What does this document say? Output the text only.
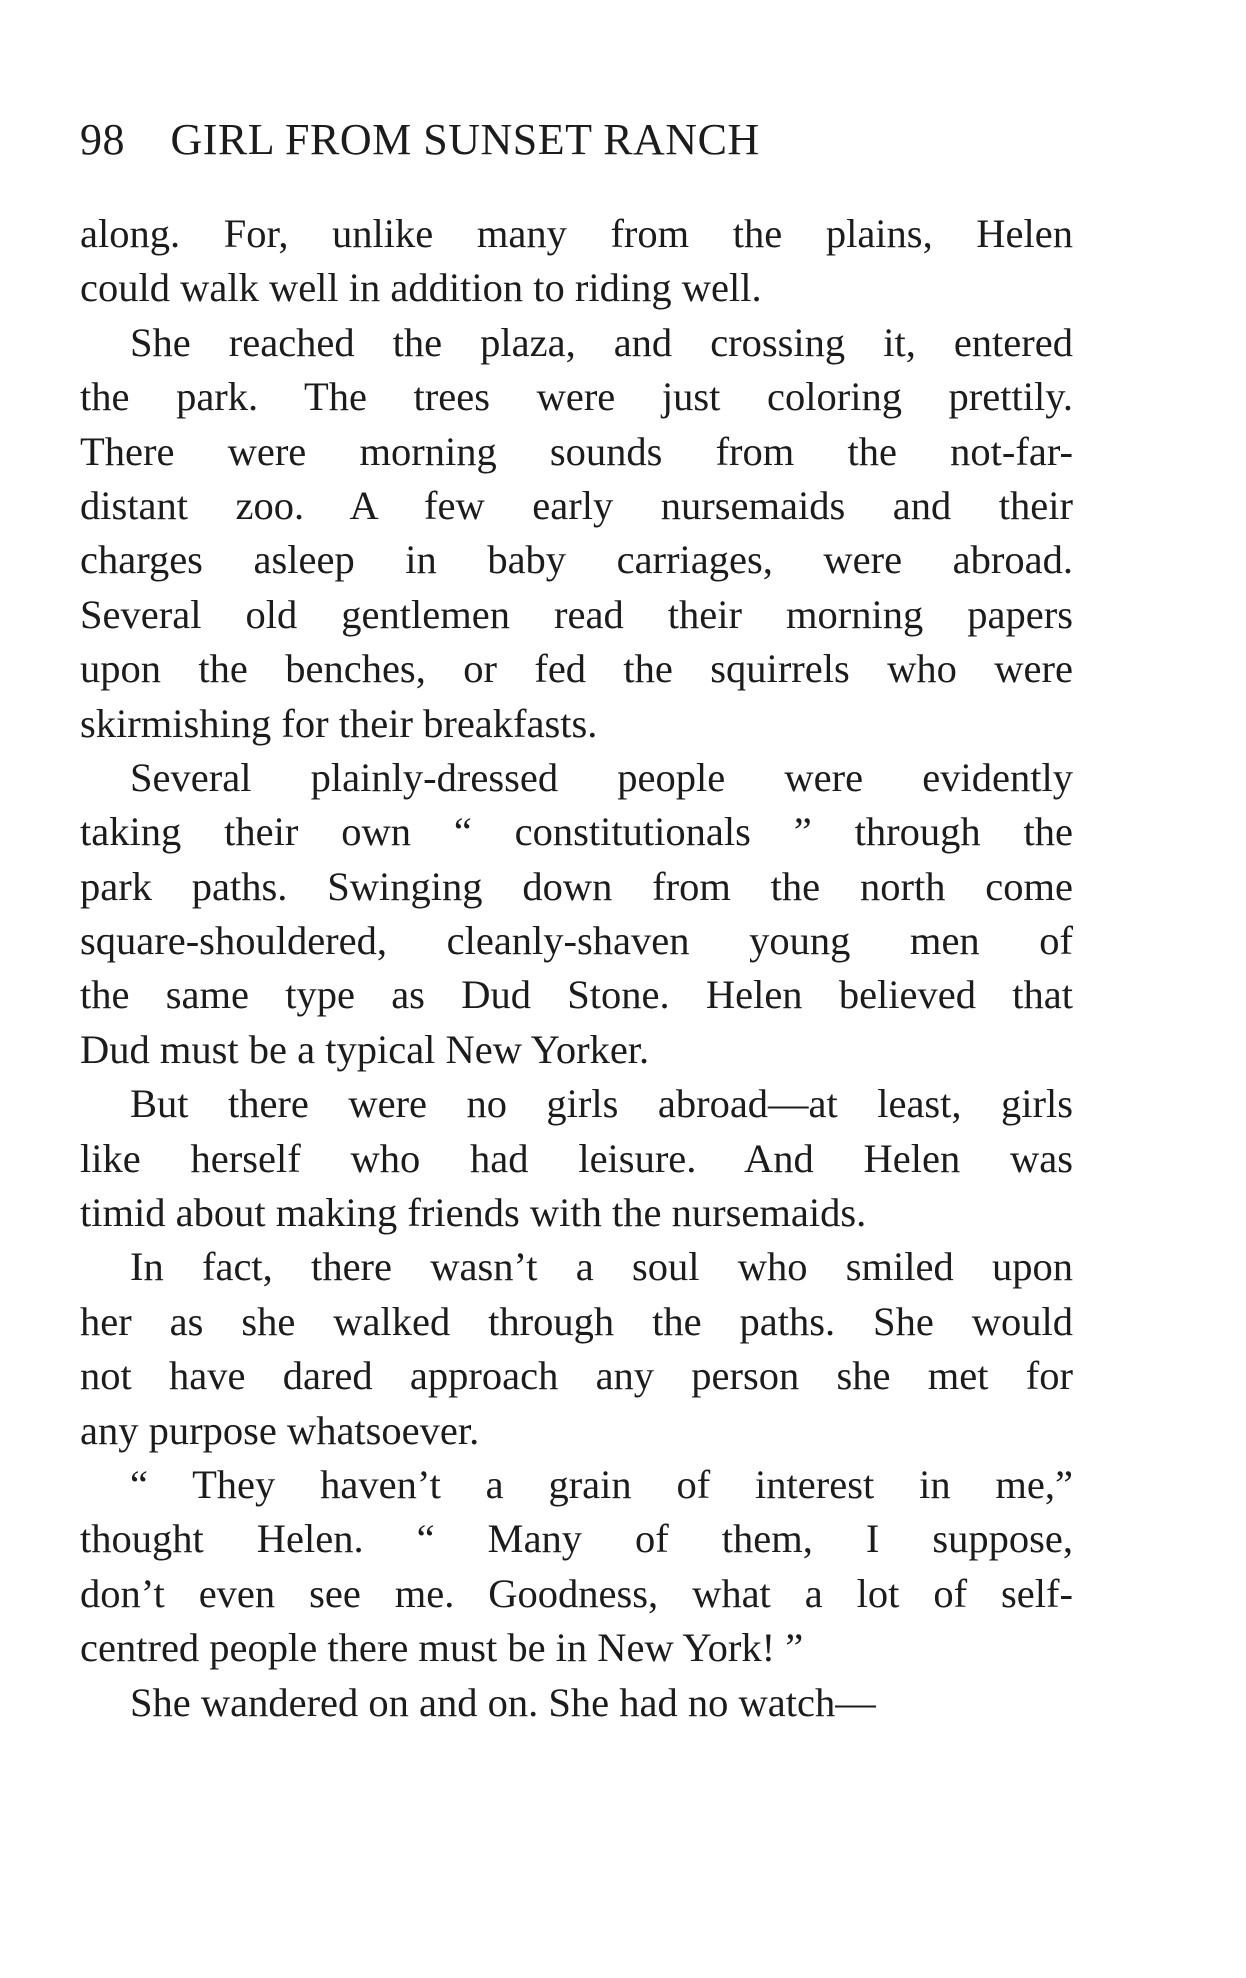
98 GIRL FROM SUNSET RANCH
along. For, unlike many from the plains, Helen
could walk well in addition to riding well.
She reached the plaza, and crossing it, entered
the park. The trees were just coloring prettily.
There were morning sounds from the not-far-
distant zoo. A few early nursemaids and their
charges asleep in baby carriages, were abroad.
Several old gentlemen read their morning papers
upon the benches, or fed the squirrels who were
skirmishing for their breakfasts.
Several plainly-dressed people were evidently
taking their own “ constitutionals ” through the
park paths. Swinging down from the north come
square-shouldered, cleanly-shaven young men of
the same type as Dud Stone. Helen believed that
Dud must be a typical New Yorker.
But there were no girls abroad—at least, girls
like herself who had leisure. And Helen was
timid about making friends with the nursemaids.
In fact, there wasn’t a soul who smiled upon
her as she walked through the paths. She would
not have dared approach any person she met for
any purpose whatsoever.
“ They haven’t a grain of interest in me,”
thought Helen. “ Many of them, I suppose,
don’t even see me. Goodness, what a lot of self-
centred people there must be in New York! ”
She wandered on and on. She had no watch—
